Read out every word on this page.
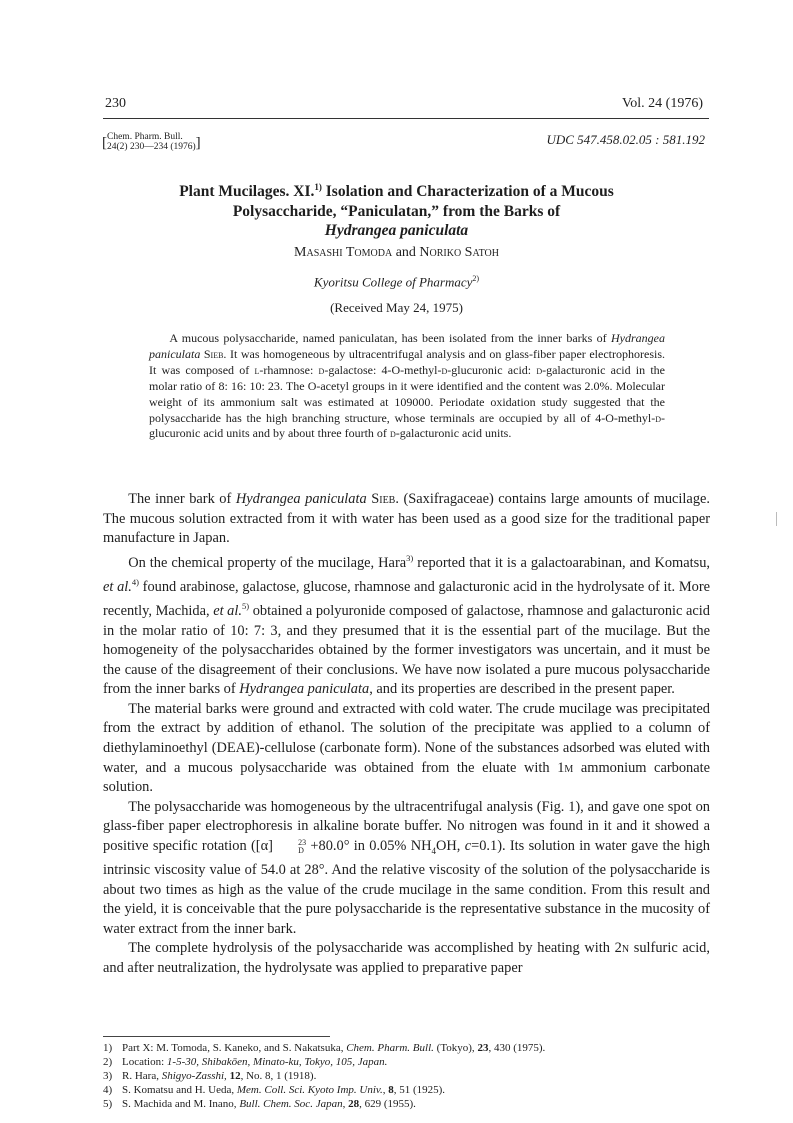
230	Vol. 24 (1976)
[ Chem. Pharm. Bull.
24(2) 230—234 (1976) ]	UDC 547.458.02.05 : 581.192
Plant Mucilages. XI.$^{1)}$ Isolation and Characterization of a Mucous
Polysaccharide, “Paniculatan,” from the Barks of
Hydrangea paniculata
Masashi Tomoda and Noriko Satoh
Kyoritsu College of Pharmacy$^{2)}$
(Received May 24, 1975)

A mucous polysaccharide, named paniculatan, has been isolated from the inner barks of Hydrangea paniculata Sieb. It was homogeneous by ultracentrifugal analysis and on glass-fiber paper electrophoresis. It was composed of l-rhamnose: d-galactose: 4-O-methyl-d-glucuronic acid: d-galacturonic acid in the molar ratio of 8: 16: 10: 23. The O-acetyl groups in it were identified and the content was 2.0%. Molecular weight of its ammonium salt was estimated at 109000. Periodate oxidation study suggested that the polysaccharide has the high branching structure, whose terminals are occupied by all of 4-O-methyl-d-glucuronic acid units and by about three fourth of d-galacturonic acid units.

The inner bark of Hydrangea paniculata Sieb. (Saxifragaceae) contains large amounts of mucilage. The mucous solution extracted from it with water has been used as a good size for the traditional paper manufacture in Japan.

On the chemical property of the mucilage, Hara$^{3)}$ reported that it is a galactoarabinan, and Komatsu, et al.$^{4)}$ found arabinose, galactose, glucose, rhamnose and galacturonic acid in the hydrolysate of it. More recently, Machida, et al.$^{5)}$ obtained a polyuronide composed of galactose, rhamnose and galacturonic acid in the molar ratio of 10: 7: 3, and they presumed that it is the essential part of the mucilage. But the homogeneity of the polysaccharides obtained by the former investigators was uncertain, and it must be the cause of the disagreement of their conclusions. We have now isolated a pure mucous polysaccharide from the inner barks of Hydrangea paniculata, and its properties are described in the present paper.

The material barks were ground and extracted with cold water. The crude mucilage was precipitated from the extract by addition of ethanol. The solution of the precipitate was applied to a column of diethylaminoethyl (DEAE)-cellulose (carbonate form). None of the substances adsorbed was eluted with water, and a mucous polysaccharide was obtained from the eluate with 1m ammonium carbonate solution.

The polysaccharide was homogeneous by the ultracentrifugal analysis (Fig. 1), and gave one spot on glass-fiber paper electrophoresis in alkaline borate buffer. No nitrogen was found in it and it showed a positive specific rotation ([α]	23
D +80.0° in 0.05% $NH_4OH$, c=0.1). Its solution in water gave the high intrinsic viscosity value of 54.0 at 28°. And the relative viscosity of the solution of the polysaccharide is about two times as high as the value of the crude mucilage in the same condition. From this result and the yield, it is conceivable that the pure polysaccharide is the representative substance in the mucosity of water extract from the inner bark.

The complete hydrolysis of the polysaccharide was accomplished by heating with 2n sulfuric acid, and after neutralization, the hydrolysate was applied to preparative paper

1) Part X: M. Tomoda, S. Kaneko, and S. Nakatsuka, Chem. Pharm. Bull. (Tokyo), 23, 430 (1975).
2) Location: 1-5-30, Shibakōen, Minato-ku, Tokyo, 105, Japan.
3) R. Hara, Shigyo-Zasshi, 12, No. 8, 1 (1918).
4) S. Komatsu and H. Ueda, Mem. Coll. Sci. Kyoto Imp. Univ., 8, 51 (1925).
5) S. Machida and M. Inano, Bull. Chem. Soc. Japan, 28, 629 (1955).
